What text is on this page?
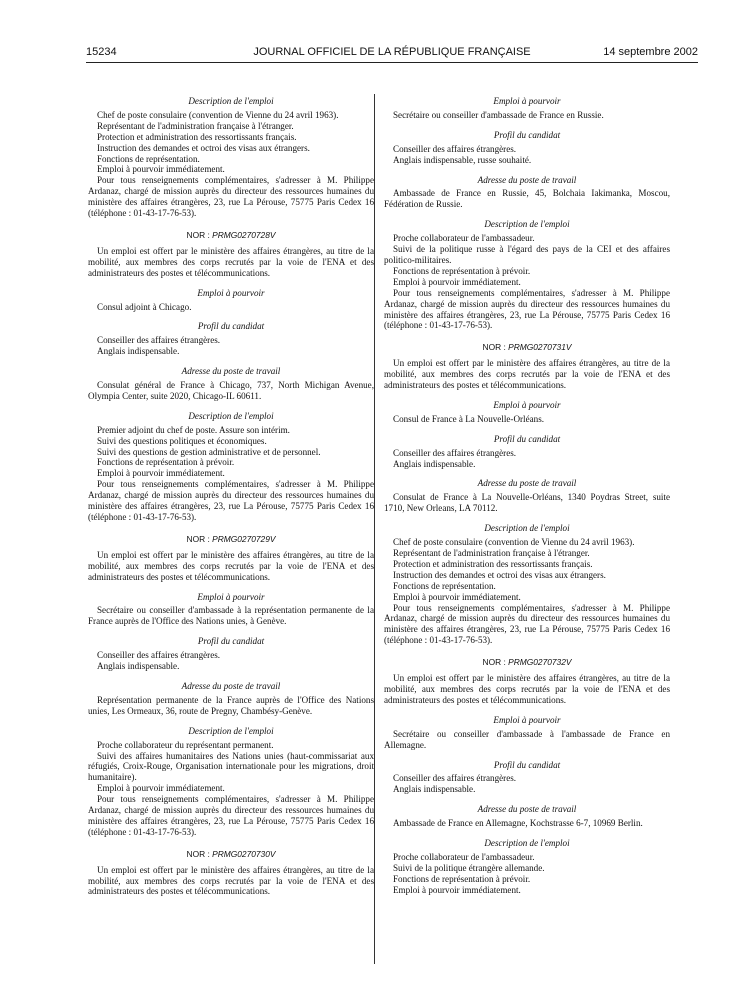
15234	JOURNAL OFFICIEL DE LA RÉPUBLIQUE FRANÇAISE	14 septembre 2002
Description de l'emploi
Chef de poste consulaire (convention de Vienne du 24 avril 1963).
Représentant de l'administration française à l'étranger.
Protection et administration des ressortissants français.
Instruction des demandes et octroi des visas aux étrangers.
Fonctions de représentation.
Emploi à pourvoir immédiatement.
Pour tous renseignements complémentaires, s'adresser à M. Philippe Ardanaz, chargé de mission auprès du directeur des ressources humaines du ministère des affaires étrangères, 23, rue La Pérouse, 75775 Paris Cedex 16 (téléphone : 01-43-17-76-53).
NOR : PRMG0270728V
Un emploi est offert par le ministère des affaires étrangères, au titre de la mobilité, aux membres des corps recrutés par la voie de l'ENA et des administrateurs des postes et télécommunications.
Emploi à pourvoir
Consul adjoint à Chicago.
Profil du candidat
Conseiller des affaires étrangères.
Anglais indispensable.
Adresse du poste de travail
Consulat général de France à Chicago, 737, North Michigan Avenue, Olympia Center, suite 2020, Chicago-IL 60611.
Description de l'emploi
Premier adjoint du chef de poste. Assure son intérim.
Suivi des questions politiques et économiques.
Suivi des questions de gestion administrative et de personnel.
Fonctions de représentation à prévoir.
Emploi à pourvoir immédiatement.
Pour tous renseignements complémentaires, s'adresser à M. Philippe Ardanaz, chargé de mission auprès du directeur des ressources humaines du ministère des affaires étrangères, 23, rue La Pérouse, 75775 Paris Cedex 16 (téléphone : 01-43-17-76-53).
NOR : PRMG0270729V
Un emploi est offert par le ministère des affaires étrangères, au titre de la mobilité, aux membres des corps recrutés par la voie de l'ENA et des administrateurs des postes et télécommunications.
Emploi à pourvoir
Secrétaire ou conseiller d'ambassade à la représentation permanente de la France auprès de l'Office des Nations unies, à Genève.
Profil du candidat
Conseiller des affaires étrangères.
Anglais indispensable.
Adresse du poste de travail
Représentation permanente de la France auprès de l'Office des Nations unies, Les Ormeaux, 36, route de Pregny, Chambésy-Genève.
Description de l'emploi
Proche collaborateur du représentant permanent.
Suivi des affaires humanitaires des Nations unies (haut-commissariat aux réfugiés, Croix-Rouge, Organisation internationale pour les migrations, droit humanitaire).
Emploi à pourvoir immédiatement.
Pour tous renseignements complémentaires, s'adresser à M. Philippe Ardanaz, chargé de mission auprès du directeur des ressources humaines du ministère des affaires étrangères, 23, rue La Pérouse, 75775 Paris Cedex 16 (téléphone : 01-43-17-76-53).
NOR : PRMG0270730V
Un emploi est offert par le ministère des affaires étrangères, au titre de la mobilité, aux membres des corps recrutés par la voie de l'ENA et des administrateurs des postes et télécommunications.
Emploi à pourvoir
Secrétaire ou conseiller d'ambassade de France en Russie.
Profil du candidat
Conseiller des affaires étrangères.
Anglais indispensable, russe souhaité.
Adresse du poste de travail
Ambassade de France en Russie, 45, Bolchaia Iakimanka, Moscou, Fédération de Russie.
Description de l'emploi
Proche collaborateur de l'ambassadeur.
Suivi de la politique russe à l'égard des pays de la CEI et des affaires politico-militaires.
Fonctions de représentation à prévoir.
Emploi à pourvoir immédiatement.
Pour tous renseignements complémentaires, s'adresser à M. Philippe Ardanaz, chargé de mission auprès du directeur des ressources humaines du ministère des affaires étrangères, 23, rue La Pérouse, 75775 Paris Cedex 16 (téléphone : 01-43-17-76-53).
NOR : PRMG0270731V
Un emploi est offert par le ministère des affaires étrangères, au titre de la mobilité, aux membres des corps recrutés par la voie de l'ENA et des administrateurs des postes et télécommunications.
Emploi à pourvoir
Consul de France à La Nouvelle-Orléans.
Profil du candidat
Conseiller des affaires étrangères.
Anglais indispensable.
Adresse du poste de travail
Consulat de France à La Nouvelle-Orléans, 1340 Poydras Street, suite 1710, New Orleans, LA 70112.
Description de l'emploi
Chef de poste consulaire (convention de Vienne du 24 avril 1963).
Représentant de l'administration française à l'étranger.
Protection et administration des ressortissants français.
Instruction des demandes et octroi des visas aux étrangers.
Fonctions de représentation.
Emploi à pourvoir immédiatement.
Pour tous renseignements complémentaires, s'adresser à M. Philippe Ardanaz, chargé de mission auprès du directeur des ressources humaines du ministère des affaires étrangères, 23, rue La Pérouse, 75775 Paris Cedex 16 (téléphone : 01-43-17-76-53).
NOR : PRMG0270732V
Un emploi est offert par le ministère des affaires étrangères, au titre de la mobilité, aux membres des corps recrutés par la voie de l'ENA et des administrateurs des postes et télécommunications.
Emploi à pourvoir
Secrétaire ou conseiller d'ambassade à l'ambassade de France en Allemagne.
Profil du candidat
Conseiller des affaires étrangères.
Anglais indispensable.
Adresse du poste de travail
Ambassade de France en Allemagne, Kochstrasse 6-7, 10969 Berlin.
Description de l'emploi
Proche collaborateur de l'ambassadeur.
Suivi de la politique étrangère allemande.
Fonctions de représentation à prévoir.
Emploi à pourvoir immédiatement.
